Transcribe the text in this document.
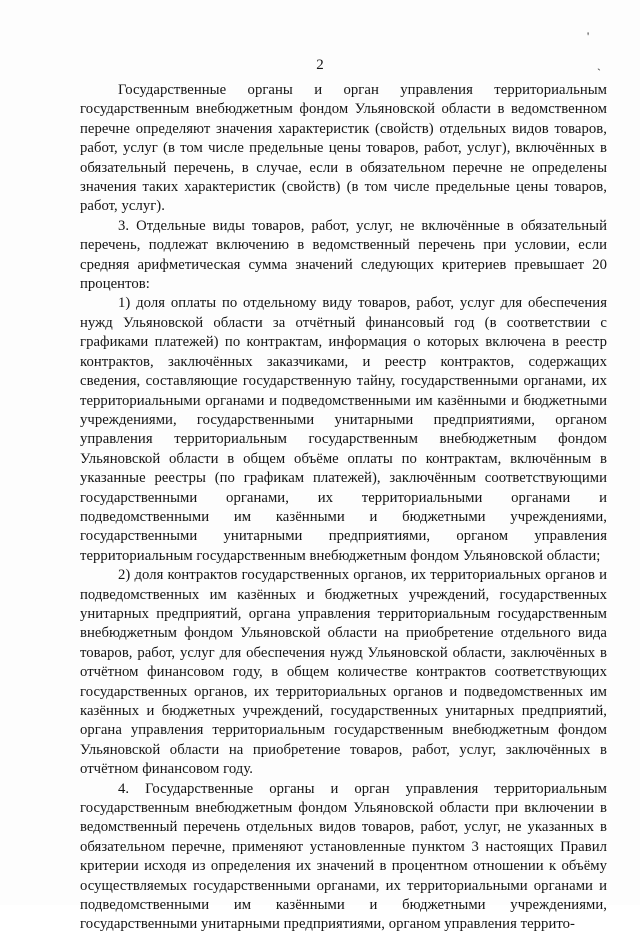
'
`
2

Государственные органы и орган управления территориальным государственным внебюджетным фондом Ульяновской области в ведомственном перечне определяют значения характеристик (свойств) отдельных видов товаров, работ, услуг (в том числе предельные цены товаров, работ, услуг), включённых в обязательный перечень, в случае, если в обязательном перечне не определены значения таких характеристик (свойств) (в том числе предельные цены товаров, работ, услуг).

3. Отдельные виды товаров, работ, услуг, не включённые в обязательный перечень, подлежат включению в ведомственный перечень при условии, если средняя арифметическая сумма значений следующих критериев превышает 20 процентов:

1) доля оплаты по отдельному виду товаров, работ, услуг для обеспечения нужд Ульяновской области за отчётный финансовый год (в соответствии с графиками платежей) по контрактам, информация о которых включена в реестр контрактов, заключённых заказчиками, и реестр контрактов, содержащих сведения, составляющие государственную тайну, государственными органами, их территориальными органами и подведомственными им казёнными и бюджетными учреждениями, государственными унитарными предприятиями, органом управления территориальным государственным внебюджетным фондом Ульяновской области в общем объёме оплаты по контрактам, включённым в указанные реестры (по графикам платежей), заключённым соответствующими государственными органами, их территориальными органами и подведомственными им казёнными и бюджетными учреждениями, государственными унитарными предприятиями, органом управления территориальным государственным внебюджетным фондом Ульяновской области;

2) доля контрактов государственных органов, их территориальных органов и подведомственных им казённых и бюджетных учреждений, государственных унитарных предприятий, органа управления территориальным государственным внебюджетным фондом Ульяновской области на приобретение отдельного вида товаров, работ, услуг для обеспечения нужд Ульяновской области, заключённых в отчётном финансовом году, в общем количестве контрактов соответствующих государственных органов, их территориальных органов и подведомственных им казённых и бюджетных учреждений, государственных унитарных предприятий, органа управления территориальным государственным внебюджетным фондом Ульяновской области на приобретение товаров, работ, услуг, заключённых в отчётном финансовом году.

4. Государственные органы и орган управления территориальным государственным внебюджетным фондом Ульяновской области при включении в ведомственный перечень отдельных видов товаров, работ, услуг, не указанных в обязательном перечне, применяют установленные пунктом 3 настоящих Правил критерии исходя из определения их значений в процентном отношении к объёму осуществляемых государственными органами, их территориальными органами и подведомственными им казёнными и бюджетными учреждениями, государственными унитарными предприятиями, органом управления террито-
